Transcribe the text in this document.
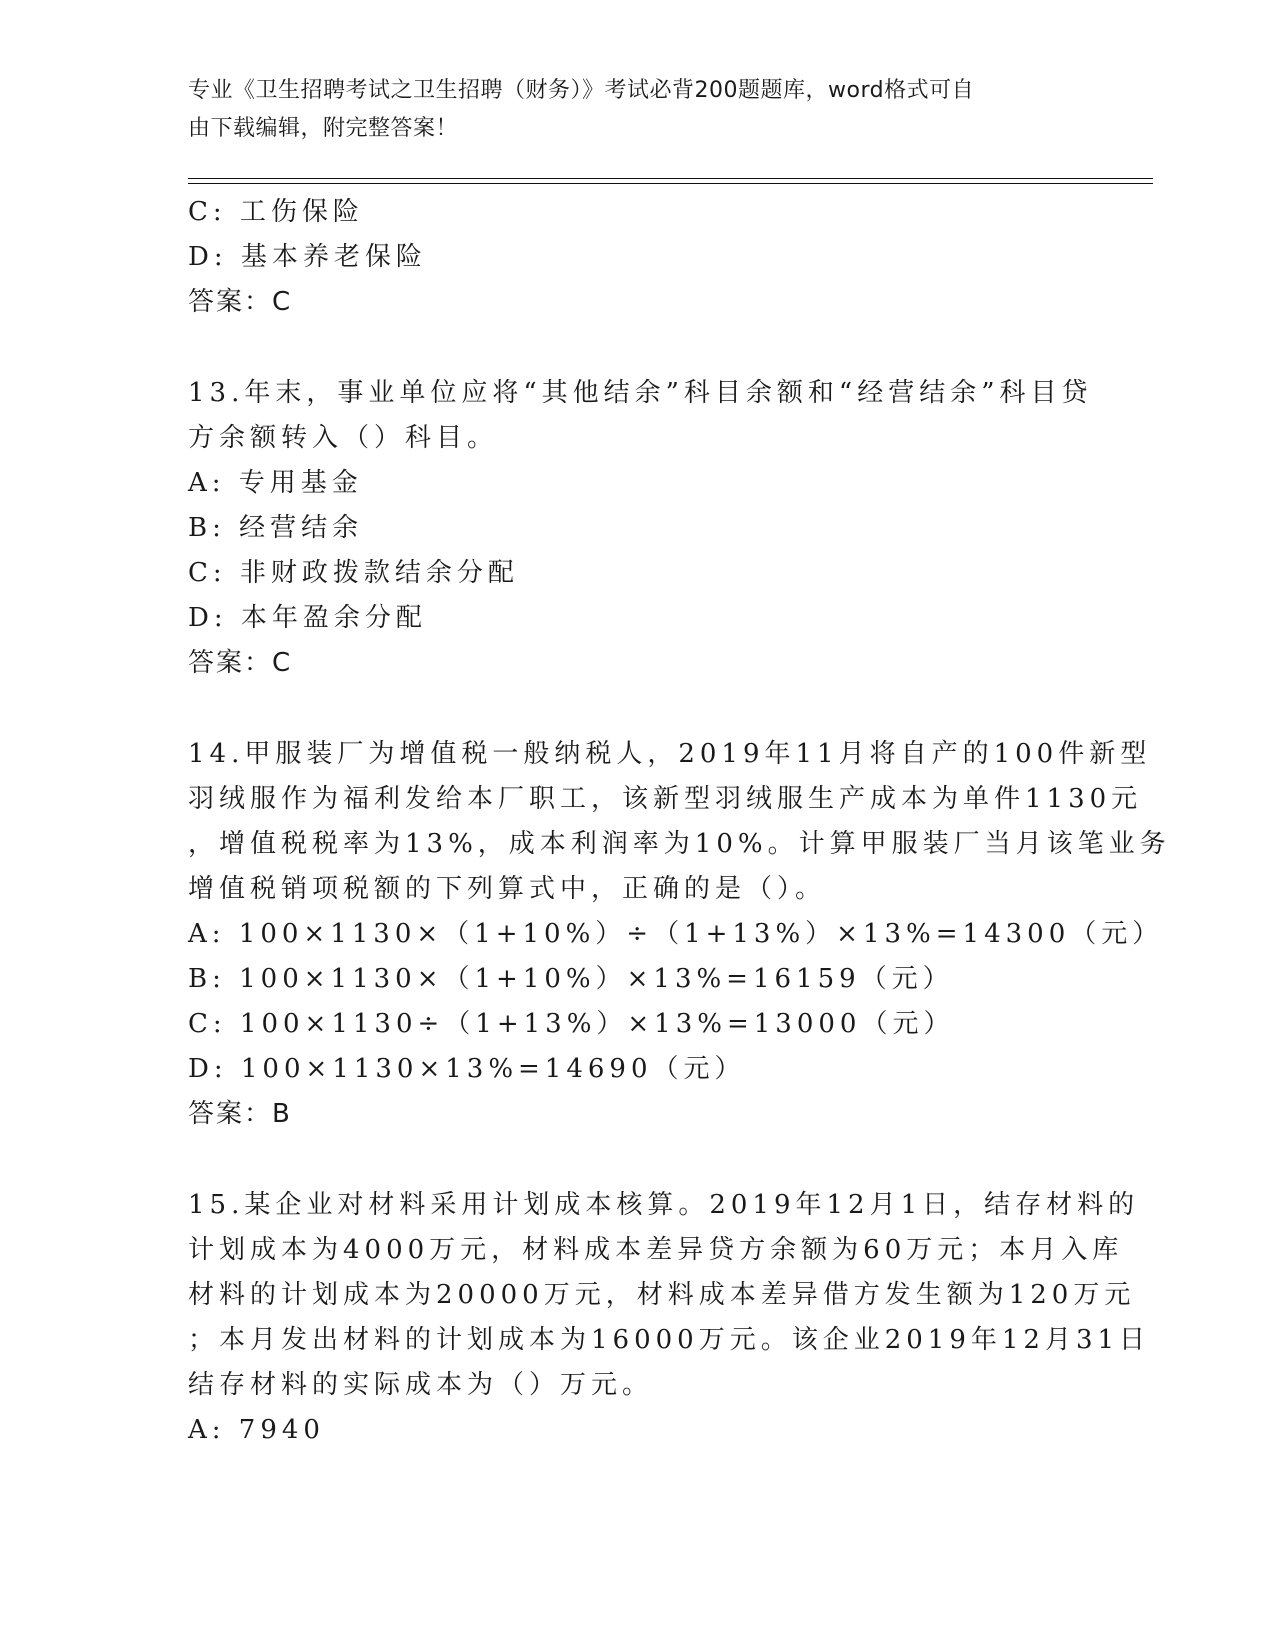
专业《卫生招聘考试之卫生招聘（财务）》考试必背200题题库，word格式可自
由下载编辑，附完整答案！
C: 工伤保险
D: 基本养老保险
答案：C
13.年末，事业单位应将“其他结余”科目余额和“经营结余”科目贷
方余额转入（）科目。
A: 专用基金
B: 经营结余
C: 非财政拨款结余分配
D: 本年盈余分配
答案：C
14.甲服装厂为增值税一般纳税人，2019年11月将自产的100件新型
羽绒服作为福利发给本厂职工，该新型羽绒服生产成本为单件1130元
，增值税税率为13%，成本利润率为10%。计算甲服装厂当月该笔业务
增值税销项税额的下列算式中，正确的是（）。
A: 100×1130×（1+10%）÷（1+13%）×13%=14300（元）
B: 100×1130×（1+10%）×13%=16159（元）
C: 100×1130÷（1+13%）×13%=13000（元）
D: 100×1130×13%=14690（元）
答案：B
15.某企业对材料采用计划成本核算。2019年12月1日，结存材料的
计划成本为4000万元，材料成本差异贷方余额为60万元；本月入库
材料的计划成本为20000万元，材料成本差异借方发生额为120万元
；本月发出材料的计划成本为16000万元。该企业2019年12月31日
结存材料的实际成本为（）万元。
A: 7940
